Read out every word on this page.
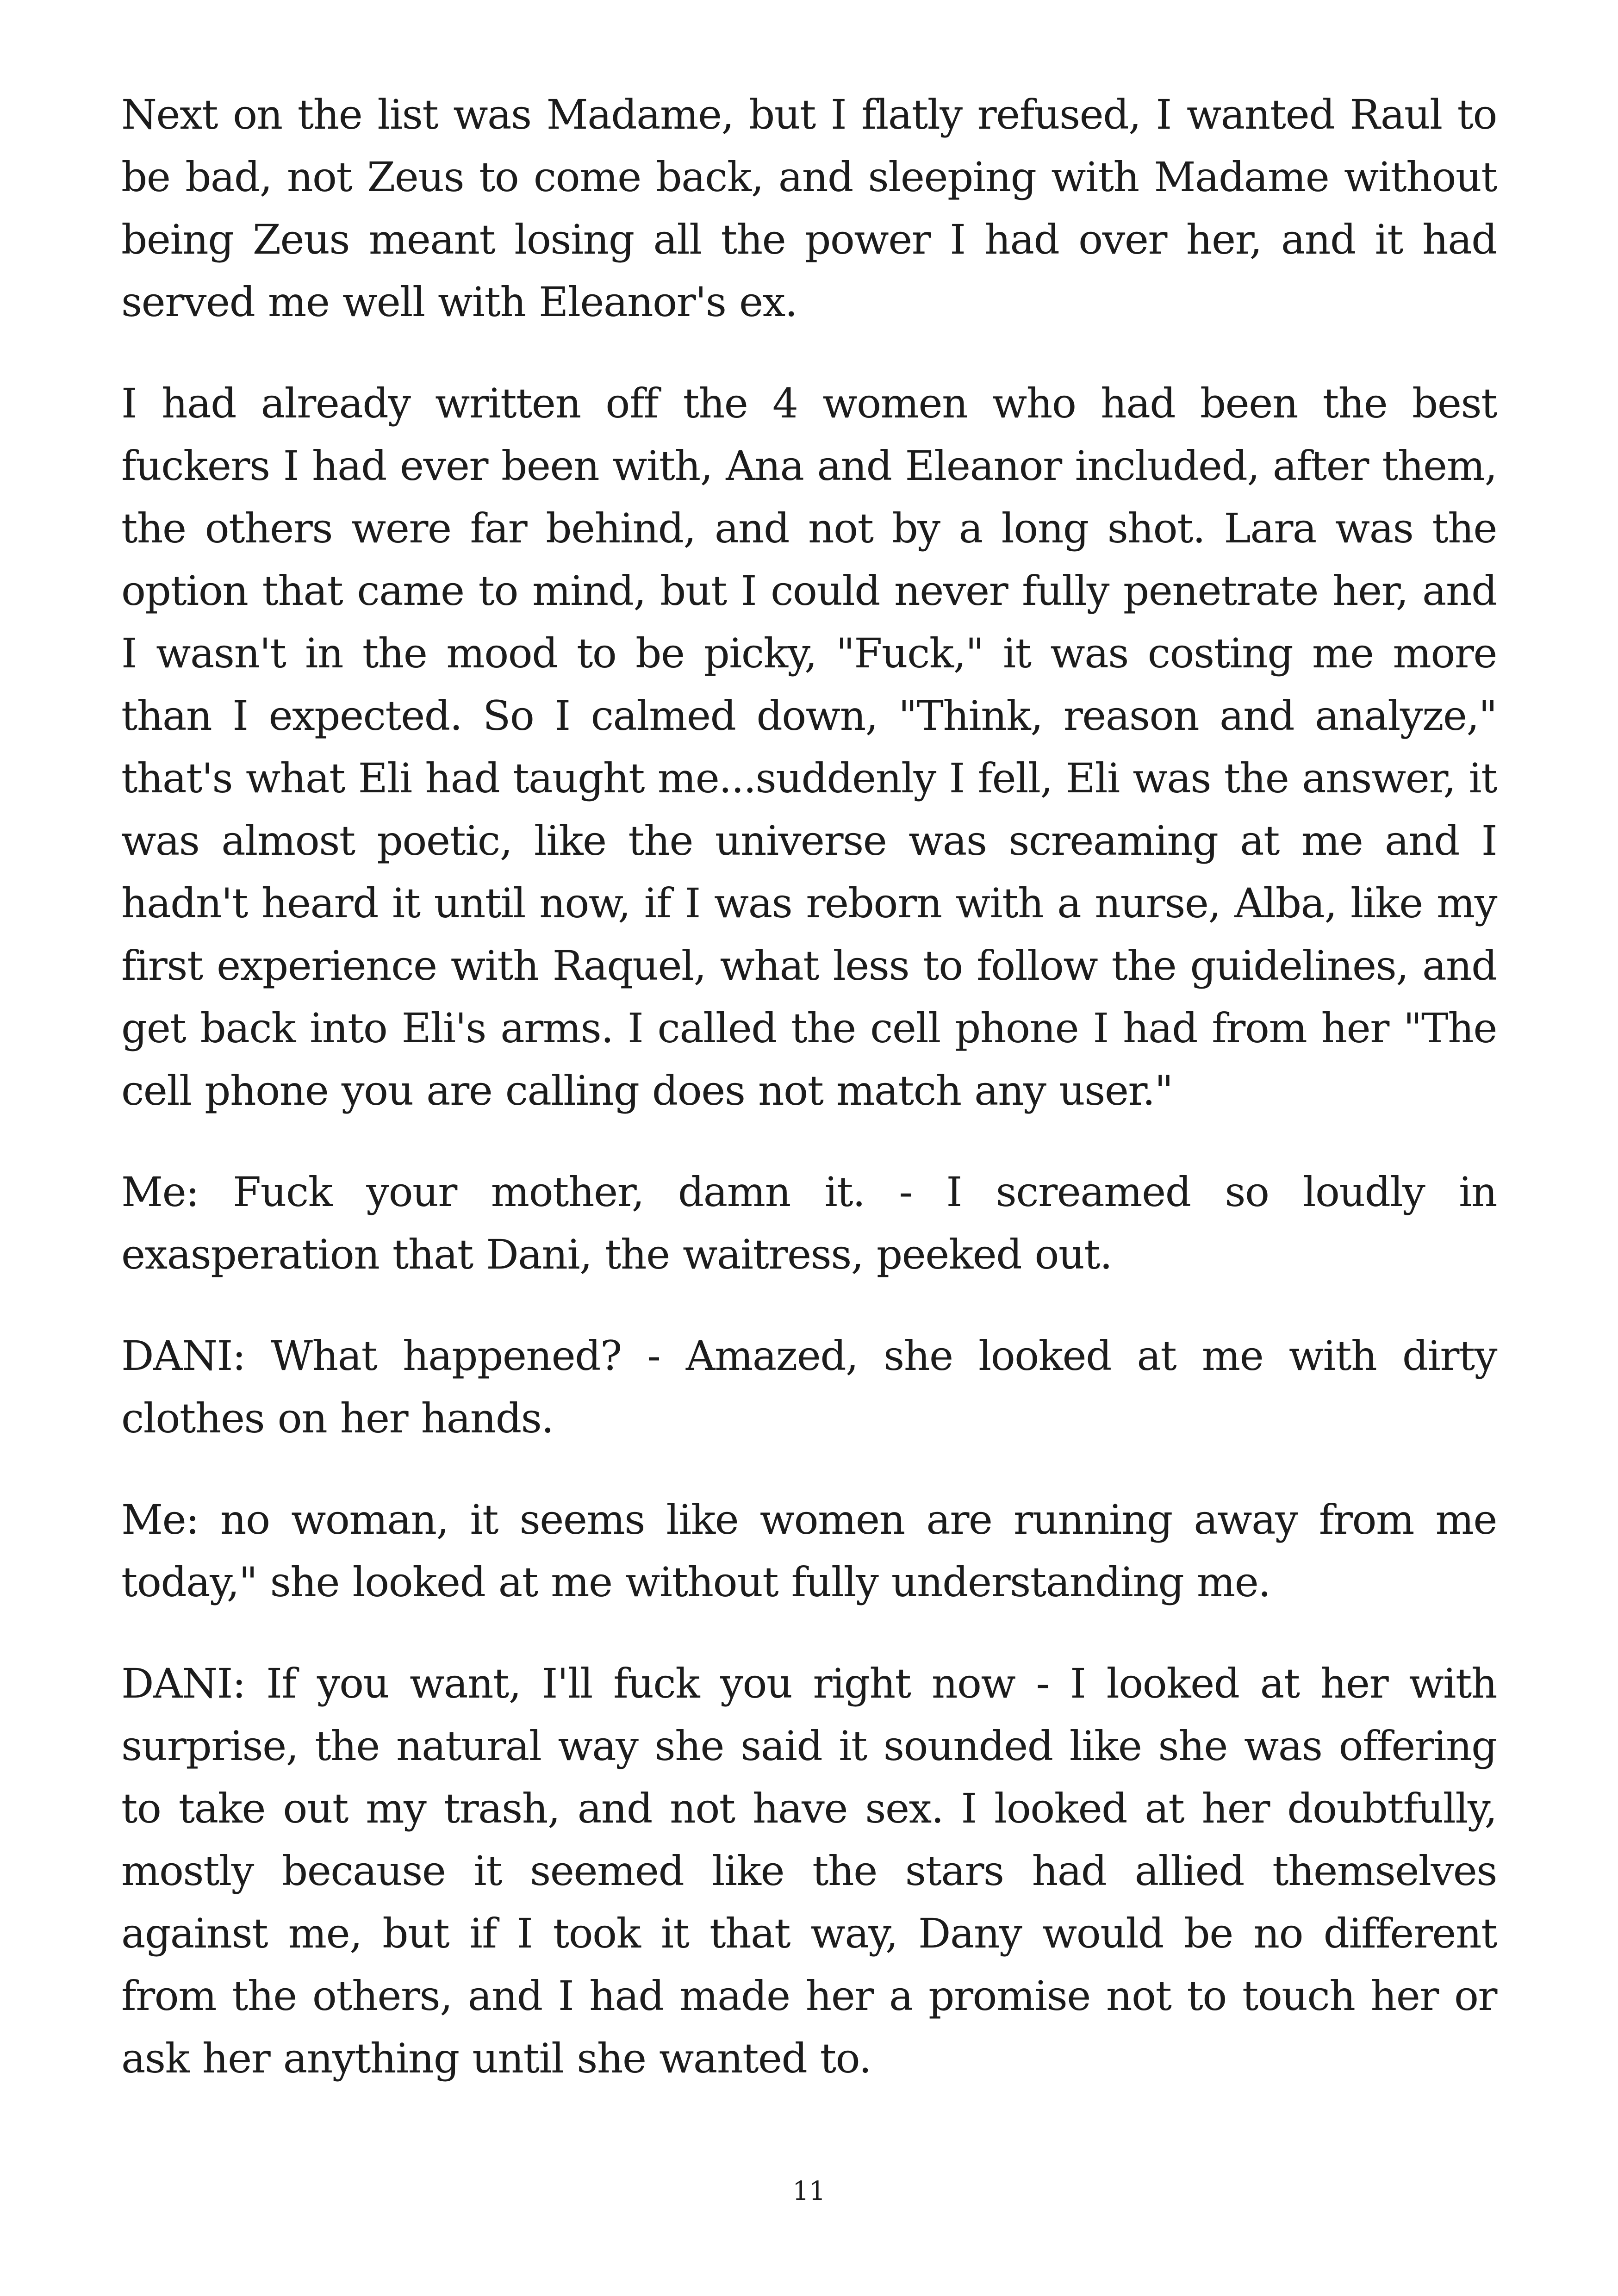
Next on the list was Madame, but I flatly refused, I wanted Raul to be bad, not Zeus to come back, and sleeping with Madame without being Zeus meant losing all the power I had over her, and it had served me well with Eleanor's ex.

I had already written off the 4 women who had been the best fuckers I had ever been with, Ana and Eleanor included, after them, the others were far behind, and not by a long shot. Lara was the option that came to mind, but I could never fully penetrate her, and I wasn't in the mood to be picky, "Fuck," it was costing me more than I expected. So I calmed down, "Think, reason and analyze," that's what Eli had taught me...suddenly I fell, Eli was the answer, it was almost poetic, like the universe was screaming at me and I hadn't heard it until now, if I was reborn with a nurse, Alba, like my first experience with Raquel, what less to follow the guidelines, and get back into Eli's arms. I called the cell phone I had from her "The cell phone you are calling does not match any user."

Me: Fuck your mother, damn it. - I screamed so loudly in exasperation that Dani, the waitress, peeked out.

DANI: What happened? - Amazed, she looked at me with dirty clothes on her hands.

Me: no woman, it seems like women are running away from me today," she looked at me without fully understanding me.

DANI: If you want, I'll fuck you right now - I looked at her with surprise, the natural way she said it sounded like she was offering to take out my trash, and not have sex. I looked at her doubtfully, mostly because it seemed like the stars had allied themselves against me, but if I took it that way, Dany would be no different from the others, and I had made her a promise not to touch her or ask her anything until she wanted to.

11
